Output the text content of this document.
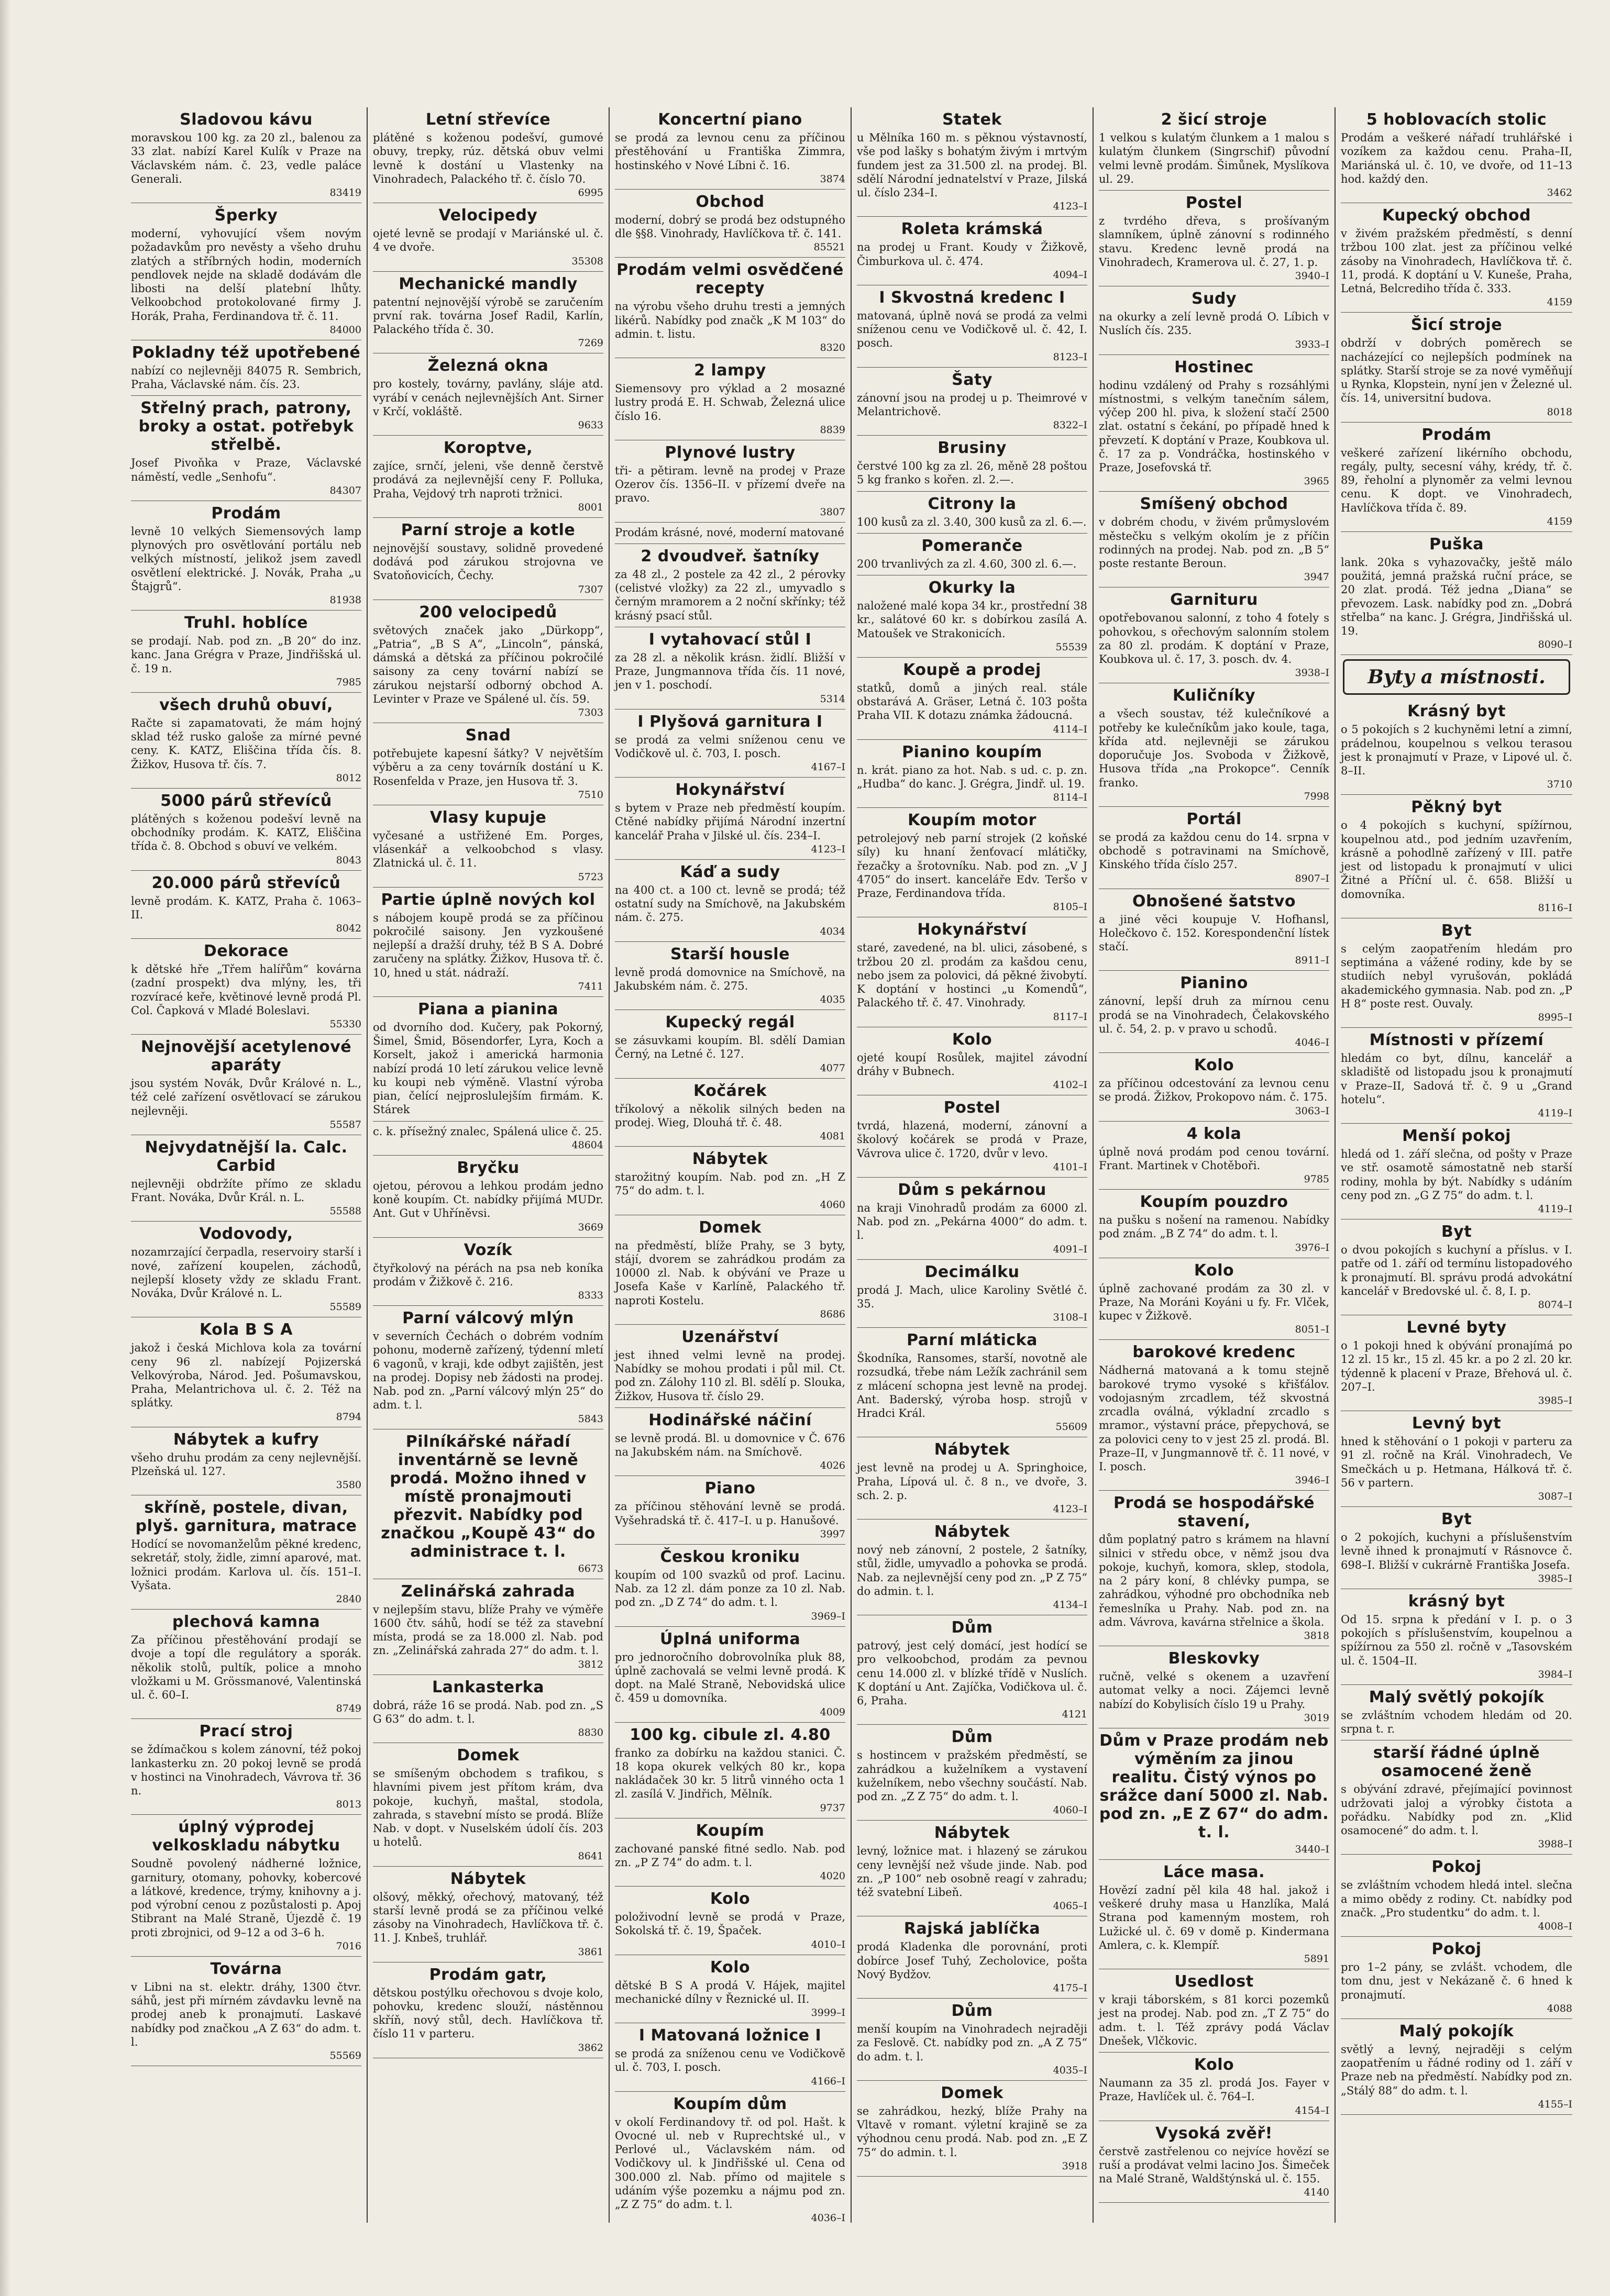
Sladovou kávu

moravskou 100 kg. za 20 zl., balenou za 33 zlat. nabízí Karel Kulík v Praze na Václavském nám. č. 23, vedle paláce Generali.

83419
Šperky

moderní, vyhovující všem novým požadavkům pro nevěsty a všeho druhu zlatých a stříbrných hodin, moderních pendlovek nejde na skladě dodávám dle libosti na delší platební lhůty. Velkoobchod protokolované firmy J. Horák, Praha, Ferdinandova tř. č. 11.

84000
Pokladny též upotřebené

nabízí co nejlevněji 84075 R. Sembrich, Praha, Václavské nám. čís. 23.

Střelný prach, patrony, broky a ostat. potřebyk střelbě.

Josef Pivoňka v Praze, Václavské náměstí, vedle „Senhofu“.

84307
Prodám

levně 10 velkých Siemensových lamp plynových pro osvětlování portálu neb velkých místností, jelikož jsem zavedl osvětlení elektrické. J. Novák, Praha „u Štajgrů“.

81938
Truhl. hoblíce

se prodají. Nab. pod zn. „B 20“ do inz. kanc. Jana Grégra v Praze, Jindřišská ul. č. 19 n.

7985
všech druhů obuví,

Račte si zapamatovati, že mám hojný sklad též rusko galoše za mírné pevné ceny. K. KATZ, Eliščina třída čís. 8. Žižkov, Husova tř. čís. 7.

8012
5000 párů střevíců

plátěných s koženou podešví levně na obchodníky prodám. K. KATZ, Eliščina třída č. 8. Obchod s obuví ve velkém.

8043
20.000 párů střevíců

levně prodám. K. KATZ, Praha č. 1063–II.

8042
Dekorace

k dětské hře „Třem halířům“ kovárna (zadní prospekt) dva mlýny, les, tři rozvíracé keře, květinové levně prodá Pl. Col. Čapková v Mladé Boleslavi.

55330
Nejnovější acetylenové aparáty

jsou systém Novák, Dvůr Králové n. L., též celé zařízení osvětlovací se zárukou nejlevněji.

55587
Nejvydatnější la. Calc. Carbid

nejlevněji obdržíte přímo ze skladu Frant. Nováka, Dvůr Král. n. L.

55588
Vodovody,

nozamrzající čerpadla, reservoiry starší i nové, zařízení koupelen, záchodů, nejlepší klosety vždy ze skladu Frant. Nováka, Dvůr Králové n. L.

55589
Kola B S A

jakož i česká Michlova kola za tovární ceny 96 zl. nabízejí Pojizerská Velkovýroba, Národ. Jed. Pošumavskou, Praha, Melantrichova ul. č. 2. Též na splátky.

8794
Nábytek a kufry

všeho druhu prodám za ceny nejlevnější. Plzeňská ul. 127.

3580
skříně, postele, divan, plyš. garnitura, matrace

Hodící se novomanželům pěkné kredenc, sekretář, stoly, židle, zimní aparové, mat. ložnici prodám. Karlova ul. čís. 151–I. Vyšata.

2840
plechová kamna

Za příčinou přestěhování prodají se dvoje a topí dle regulátory a sporák. několik stolů, pultík, police a mnoho vložkami u M. Grössmanové, Valentinská ul. č. 60–I.

8749
Prací stroj

se ždímačkou s kolem zánovní, též pokoj lankasterku zn. 20 pokoj levně se prodá v hostinci na Vinohradech, Vávrova tř. 36 n.

8013
úplný výprodej velkoskladu nábytku

Soudně povolený nádherné ložnice, garnitury, otomany, pohovky, kobercové a látkové, kredence, trýmy, knihovny a j. pod výrobní cenou z pozůstalosti p. Apoj Stibrant na Malé Straně, Újezdě č. 19 proti zbrojnici, od 9–12 a od 3–6 h.

7016
Továrna

v Libni na st. elektr. dráhy, 1300 čtvr. sáhů, jest při mírném závdavku levně na prodej aneb k pronajmutí. Laskavé nabídky pod značkou „A Z 63“ do adm. t. l.

55569
Letní střevíce

plátěné s koženou podešví, gumové obuvy, trepky, rúz. dětská obuv velmi levně k dostání u Vlastenky na Vinohradech, Palackého tř. č. číslo 70.

6995
Velocipedy

ojeté levně se prodají v Mariánské ul. č. 4 ve dvoře.

35308
Mechanické mandly

patentní nejnovější výrobě se zaručením první rak. továrna Josef Radil, Karlín, Palackého třída č. 30.

7269
Železná okna

pro kostely, továrny, pavlány, sláje atd. vyrábí v cenách nejlevnějších Ant. Sirner v Krčí, vokláště.

9633
Koroptve,

zajíce, srnčí, jeleni, vše denně čerstvě prodává za nejlevnější ceny F. Polluka, Praha, Vejdový trh naproti tržnici.

8001
Parní stroje a kotle

nejnovější soustavy, solidně provedené dodává pod zárukou strojovna ve Svatoňovicích, Čechy.

7307
200 velocipedů

světových značek jako „Dürkopp“, „Patria“, „B S A“, „Lincoln“, pánská, dámská a dětská za příčinou pokročilé saisony za ceny tovární nabízí se zárukou nejstarší odborný obchod A. Levinter v Praze ve Spálené ul. čís. 59.

7303
Snad

potřebujete kapesní šátky? V největším výběru a za ceny továrník dostání u K. Rosenfelda v Praze, jen Husova tř. 3.

7510
Vlasy kupuje

vyčesané a ustřižené Em. Porges, vlásenkář a velkoobchod s vlasy. Zlatnická ul. č. 11.

5723
Partie úplně nových kol

s nábojem koupě prodá se za příčinou pokročilé saisony. Jen vyzkoušené nejlepší a dražší druhy, též B S A. Dobré zaručeny na splátky. Žižkov, Husova tř. č. 10, hned u stát. nádraží.

7411
Piana a pianina

od dvorního dod. Kučery, pak Pokorný, Šimel, Šmid, Bösendorfer, Lyra, Koch a Korselt, jakož i americká harmonia nabízí prodá 10 letí zárukou velice levně ku koupi neb výměně. Vlastní výroba pian, čelící nejproslulejším firmám. K. Stárek

c. k. přísežný znalec, Spálená ulice č. 25.

48604
Bryčku

ojetou, pérovou a lehkou prodám jedno koně koupím. Ct. nabídky přijímá MUDr. Ant. Gut v Uhříněvsi.

3669
Vozík

čtyřkolový na pérách na psa neb koníka prodám v Žižkově č. 216.

8333
Parní válcový mlýn

v severních Čechách o dobrém vodním pohonu, moderně zařízený, týdenní mletí 6 vagonů, v kraji, kde odbyt zajištěn, jest na prodej. Dopisy neb žádosti na prodej. Nab. pod zn. „Parní válcový mlýn 25“ do adm. t. l.

5843
Pilníkářské nářadí inventárně se levně prodá. Možno ihned v místě pronajmouti přezvit. Nabídky pod značkou „Koupě 43“ do administrace t. l.
6673
Zelinářská zahrada

v nejlepším stavu, blíže Prahy ve výměře 1600 čtv. sáhů, hodí se též za stavební místa, prodá se za 18.000 zl. Nab. pod zn. „Zelinářská zahrada 27“ do adm. t. l.

3812
Lankasterka

dobrá, ráže 16 se prodá. Nab. pod zn. „S G 63“ do adm. t. l.

8830
Domek

se smíšeným obchodem s trafikou, s hlavními pivem jest přítom krám, dva pokoje, kuchyň, maštal, stodola, zahrada, s stavební místo se prodá. Blíže Nab. v dopt. v Nuselském údolí čís. 203 u hotelů.

8641
Nábytek

olšový, měkký, ořechový, matovaný, též starší levně prodá se za příčinou velké zásoby na Vinohradech, Havlíčkova tř. č. 11. J. Knbeš, truhlář.

3861
Prodám gatr,

dětskou postýlku ořechovou s dvoje kolo, pohovku, kredenc slouží, nástěnnou skříň, nový stůl, dech. Havlíčkova tř. číslo 11 v parteru.

3862
Koncertní piano

se prodá za levnou cenu za příčinou přestěhování u Františka Zimmra, hostinského v Nové Líbni č. 16.

3874
Obchod

moderní, dobrý se prodá bez odstupného dle §§8. Vinohrady, Havlíčkova tř. č. 141.

85521
Prodám velmi osvědčené recepty

na výrobu všeho druhu tresti a jemných likérů. Nabídky pod značk „K M 103“ do admin. t. listu.

8320
2 lampy

Siemensovy pro výklad a 2 mosazné lustry prodá E. H. Schwab, Železná ulice číslo 16.

8839
Plynové lustry

tři- a pětiram. levně na prodej v Praze Ozerov čís. 1356–II. v přízemí dveře na pravo.

3807

Prodám krásné, nové, moderní matované

2 dvoudveř. šatníky

za 48 zl., 2 postele za 42 zl., 2 pérovky (celistvé vložky) za 22 zl., umyvadlo s černým mramorem a 2 noční skřínky; též krásný psací stůl.

I vytahovací stůl I

za 28 zl. a několik krásn. židlí. Bližší v Praze, Jungmannova třída čís. 11 nové, jen v 1. poschodí.

5314
I Plyšová garnitura I

se prodá za velmi sníženou cenu ve Vodičkově ul. č. 703, I. posch.

4167–I
Hokynářství

s bytem v Praze neb předměstí koupím. Ctěné nabídky přijímá Národní inzertní kancelář Praha v Jilské ul. čís. 234–I.

4123–I
Káď a sudy

na 400 ct. a 100 ct. levně se prodá; též ostatní sudy na Smíchově, na Jakubském nám. č. 275.

4034
Starší housle

levně prodá domovnice na Smíchově, na Jakubském nám. č. 275.

4035
Kupecký regál

se zásuvkami koupím. Bl. sdělí Damian Černý, na Letné č. 127.

4077
Kočárek

tříkolový a několik silných beden na prodej. Wieg, Dlouhá tř. č. 48.

4081
Nábytek

starožitný koupím. Nab. pod zn. „H Z 75“ do adm. t. l.

4060
Domek

na předměstí, blíže Prahy, se 3 byty, stájí, dvorem se zahrádkou prodám za 10000 zl. Nab. k obývání ve Praze u Josefa Kaše v Karlíně, Palackého tř. naproti Kostelu.

8686
Uzenářství

jest ihned velmi levně na prodej. Nabídky se mohou prodati i půl mil. Ct. pod zn. Zálohy 110 zl. Bl. sdělí p. Slouka, Žižkov, Husova tř. číslo 29.

Hodinářské náčiní

se levně prodá. Bl. u domovnice v Č. 676 na Jakubském nám. na Smíchově.

4026
Piano

za příčinou stěhování levně se prodá. Vyšehradská tř. č. 417–I. u p. Hanušové.

3997
Českou kroniku

koupím od 100 svazků od prof. Lacinu. Nab. za 12 zl. dám ponze za 10 zl. Nab. pod zn. „D Z 74“ do adm. t. l.

3969–I
Úplná uniforma

pro jednoročního dobrovolníka pluk 88, úplně zachovalá se velmi levně prodá. K dopt. na Malé Straně, Nebovidská ulice č. 459 u domovníka.

4009
100 kg. cibule zl. 4.80

franko za dobírku na každou stanici. Č. 18 kopa okurek velkých 80 kr., kopa nakládaček 30 kr. 5 litrů vinného octa 1 zl. zasílá V. Jindřich, Mělník.

9737
Koupím

zachované panské fitné sedlo. Nab. pod zn. „P Z 74“ do adm. t. l.

4020
Kolo

položivodní levně se prodá v Praze, Sokolská tř. č. 19, Špaček.

4010–I
Kolo

dětské B S A prodá V. Hájek, majitel mechanické dílny v Řeznické ul. II.

3999–I
I Matovaná ložnice I

se prodá za sníženou cenu ve Vodičkově ul. č. 703, I. posch.

4166–I
Koupím dům

v okolí Ferdinandovy tř. od pol. Hašt. k Ovocné ul. neb v Ruprechtské ul., v Perlové ul., Václavském nám. od Vodičkovy ul. k Jindřišské ul. Cena od 300.000 zl. Nab. přímo od majitele s udáním výše pozemku a nájmu pod zn. „Z Z 75“ do adm. t. l.

4036–I
Statek

u Mělníka 160 m. s pěknou výstavností, vše pod lašky s bohatým živým i mrtvým fundem jest za 31.500 zl. na prodej. Bl. sdělí Národní jednatelství v Praze, Jilská ul. číslo 234–I.

4123–I
Roleta krámská

na prodej u Frant. Koudy v Žižkově, Čimburkova ul. č. 474.

4094–I
I Skvostná kredenc I

matovaná, úplně nová se prodá za velmi sníženou cenu ve Vodičkově ul. č. 42, I. posch.

8123–I
Šaty

zánovní jsou na prodej u p. Theimrové v Melantrichově.

8322–I
Brusiny

čerstvé 100 kg za zl. 26, měně 28 poštou 5 kg franko s kořen. zl. 2.—.

Citrony la

100 kusů za zl. 3.40, 300 kusů za zl. 6.—.

Pomeranče

200 trvanlivých za zl. 4.60, 300 zl. 6.—.

Okurky la

naložené malé kopa 34 kr., prostřední 38 kr., salátové 60 kr. s dobírkou zasílá A. Matoušek ve Strakonicích.

55539
Koupě a prodej

statků, domů a jiných real. stále obstarává A. Gräser, Letná č. 103 pošta Praha VII. K dotazu známka žádoucná.

4114–I
Pianino koupím

n. krát. piano za hot. Nab. s ud. c. p. zn. „Hudba“ do kanc. J. Grégra, Jindř. ul. 19.

8114–I
Koupím motor

petrolejový neb parní strojek (2 koňské síly) ku hnaní ženťovací mlátičky, řezačky a šrotovníku. Nab. pod zn. „V J 4705“ do insert. kanceláře Edv. Teršo v Praze, Ferdinandova třída.

8105–I
Hokynářství

staré, zavedené, na bl. ulici, zásobené, s tržbou 20 zl. prodám za kašdou cenu, nebo jsem za polovici, dá pěkné živobytí. K doptání v hostinci „u Komendů“, Palackého tř. č. 47. Vinohrady.

8117–I
Kolo

ojeté koupí Rosůlek, majitel závodní dráhy v Bubnech.

4102–I
Postel

tvrdá, hlazená, moderní, zánovní a školový kočárek se prodá v Praze, Vávrova ulice č. 1720, dvůr v levo.

4101–I
Dům s pekárnou

na kraji Vinohradů prodám za 6000 zl. Nab. pod zn. „Pekárna 4000“ do adm. t. l.

4091–I
Decimálku

prodá J. Mach, ulice Karoliny Světlé č. 35.

3108–I
Parní mláticka

Škodníka, Ransomes, starší, novotně ale rozsudká, třebe nám Ležík zachránil sem z mlácení schopna jest levně na prodej. Ant. Baderský, výroba hosp. strojů v Hradci Král.

55609
Nábytek

jest levně na prodej u A. Springhoice, Praha, Lípová ul. č. 8 n., ve dvoře, 3. sch. 2. p.

4123–I
Nábytek

nový neb zánovní, 2 postele, 2 šatníky, stůl, židle, umyvadlo a pohovka se prodá. Nab. za nejlevnější ceny pod zn. „P Z 75“ do admin. t. l.

4134–I
Dům

patrový, jest celý domácí, jest hodící se pro velkoobchod, prodám za pevnou cenu 14.000 zl. v blízké třídě v Nuslích. K doptání u Ant. Zajíčka, Vodičkova ul. č. 6, Praha.

4121
Dům

s hostincem v pražském předměstí, se zahrádkou a kuželníkem a vystavení kuželníkem, nebo všechny součástí. Nab. pod zn. „Z Z 75“ do adm. t. l.

4060–I
Nábytek

levný, ložnice mat. i hlazený se zárukou ceny levnější než všude jinde. Nab. pod zn. „P 100“ neb osobně reagí v zahradu; též svatební Libeň.

4065–I
Rajská jablíčka

prodá Kladenka dle porovnání, proti dobírce Josef Tuhý, Zecholovice, pošta Nový Bydžov.

4175–I
Dům

menší koupím na Vinohradech nejraději za Feslově. Ct. nabídky pod zn. „A Z 75“ do adm. t. l.

4035–I
Domek

se zahrádkou, hezký, blíže Prahy na Vltavě v romant. výletní krajině se za výhodnou cenu prodá. Nab. pod zn. „E Z 75“ do admin. t. l.

3918
2 šicí stroje

1 velkou s kulatým člunkem a 1 malou s kulatým člunkem (Singrschif) původní velmi levně prodám. Šimůnek, Myslíkova ul. 29.

Postel

z tvrdého dřeva, s prošívaným slamníkem, úplně zánovní s rodinného stavu. Kredenc levně prodá na Vinohradech, Kramerova ul. č. 27, 1. p.

3940–I
Sudy

na okurky a zelí levně prodá O. Líbich v Nuslích čís. 235.

3933–I
Hostinec

hodinu vzdálený od Prahy s rozsáhlými místnostmi, s velkým tanečním sálem, výčep 200 hl. piva, k složení stačí 2500 zlat. ostatní s čekání, po případě hned k převzetí. K doptání v Praze, Koubkova ul. č. 17 za p. Vondráčka, hostinského v Praze, Josefovská tř.

3965
Smíšený obchod

v dobrém chodu, v živém průmyslovém městečku s velkým okolím je z příčin rodinných na prodej. Nab. pod zn. „B 5“ poste restante Beroun.

3947
Garnituru

opotřebovanou salonní, z toho 4 fotely s pohovkou, s ořechovým salonním stolem za 80 zl. prodám. K doptání v Praze, Koubkova ul. č. 17, 3. posch. dv. 4.

3938–I
Kuličníky

a všech soustav, též kulečníkové a potřeby ke kulečníkům jako koule, taga, křída atd. nejlevněji se zárukou doporučuje Jos. Svoboda v Žižkově, Husova třída „na Prokopce“. Cenník franko.

7998
Portál

se prodá za každou cenu do 14. srpna v obchodě s potravinami na Smíchově, Kinského třída číslo 257.

8907–I
Obnošené šatstvo

a jiné věci koupuje V. Hofhansl, Holečkovo č. 152. Korespondenční lístek stačí.

8911–I
Pianino

zánovní, lepší druh za mírnou cenu prodá se na Vinohradech, Čelakovského ul. č. 54, 2. p. v pravo u schodů.

4046–I
Kolo

za příčinou odcestování za levnou cenu se prodá. Žižkov, Prokopovo nám. č. 175.

3063–I
4 kola

úplně nová prodám pod cenou tovární. Frant. Martinek v Chotěboři.

9785
Koupím pouzdro

na pušku s nošení na ramenou. Nabídky pod znám. „B Z 74“ do adm. t. l.

3976–I
Kolo

úplně zachované prodám za 30 zl. v Praze, Na Moráni Koyáni u fy. Fr. Vlček, kupec v Žižkově.

8051–I
barokové kredenc

Nádherná matovaná a k tomu stejně barokové trymo vysoké s křišťálov. vodojasným zrcadlem, též skvostná zrcadla oválná, výkladní zrcadlo s mramor., výstavní práce, přepychová, se za polovici ceny to v jest 25 zl. prodá. Bl. Praze–II, v Jungmannově tř. č. 11 nové, v I. posch.

3946–I
Prodá se hospodářské stavení,

dům poplatný patro s krámem na hlavní silnici v středu obce, v němž jsou dva pokoje, kuchyň, komora, sklep, stodola, na 2 páry koní, 8 chlévky pumpa, se zahrádkou, výhodné pro obchodníka neb řemeslníka u Prahy. Nab. pod zn. na adm. Vávrova, kavárna střelnice a škola.

3818
Bleskovky

ručně, velké s okenem a uzavření automat velky a noci. Zájemci levně nabízí do Kobylisích číslo 19 u Prahy.

3019
Dům v Praze prodám neb výměním za jinou realitu. Čistý výnos po srážce daní 5000 zl. Nab. pod zn. „E Z 67“ do adm. t. l.
3440–I
Láce masa.

Hovězí zadní pěl kila 48 hal. jakož i veškeré druhy masa u Hanzlíka, Malá Strana pod kamenným mostem, roh Lužické ul. č. 69 v domě p. Kindermana Amlera, c. k. Klempíř.

5891
Usedlost

v kraji táborském, s 81 korci pozemků jest na prodej. Nab. pod zn. „T Z 75“ do adm. t. l. Též zprávy podá Václav Dnešek, Vlčkovic.

Kolo

Naumann za 35 zl. prodá Jos. Fayer v Praze, Havlíček ul. č. 764–I.

4154–I
Vysoká zvěř!

čerstvě zastřelenou co nejvíce hovězí se ruší a prodávat velmi lacino Jos. Šimeček na Malé Straně, Waldštýnská ul. č. 155.

4140
5 hoblovacích stolic

Prodám a veškeré nářadí truhlářské i vozíkem za každou cenu. Praha–II, Mariánská ul. č. 10, ve dvoře, od 11–13 hod. každý den.

3462
Kupecký obchod

v živém pražském předměstí, s denní tržbou 100 zlat. jest za příčinou velké zásoby na Vinohradech, Havlíčkova tř. č. 11, prodá. K doptání u V. Kuneše, Praha, Letná, Belcrediho třída č. 333.

4159
Šicí stroje

obdrží v dobrých poměrech se nacházející co nejlepších podmínek na splátky. Starší stroje se za nové vyměňují u Rynka, Klopstein, nyní jen v Železné ul. čís. 14, universitní budova.

8018
Prodám

veškeré zařízení likérního obchodu, regály, pulty, secesní váhy, krédy, tř. č. 89, řeholní a plynoměr za velmi levnou cenu. K dopt. ve Vinohradech, Havlíčkova třída č. 89.

4159
Puška

lank. 20ka s vyhazovačky, ještě málo použitá, jemná pražská ruční práce, se 20 zlat. prodá. Též jedna „Diana“ se převozem. Lask. nabídky pod zn. „Dobrá střelba“ na kanc. J. Grégra, Jindřišská ul. 19.

8090–I
Byty a místnosti.
Krásný byt

o 5 pokojích s 2 kuchyněmi letní a zimní, prádelnou, koupelnou s velkou terasou jest k pronajmutí v Praze, v Lipové ul. č. 8–II.

3710
Pěkný byt

o 4 pokojích s kuchyní, spížírnou, koupelnou atd., pod jedním uzavřením, krásně a pohodlně zařízený v III. patře jest od listopadu k pronajmutí v ulici Žitné a Příční ul. č. 658. Bližší u domovníka.

8116–I
Byt

s celým zaopatřením hledám pro septimána a vážené rodiny, kde by se studiích nebyl vyrušován, pokládá akademického gymnasia. Nab. pod zn. „P H 8“ poste rest. Ouvaly.

8995–I
Místnosti v přízemí

hledám co byt, dílnu, kancelář a skladiště od listopadu jsou k pronajmutí v Praze–II, Sadová tř. č. 9 u „Grand hotelu“.

4119–I
Menší pokoj

hledá od 1. září slečna, od pošty v Praze ve stř. osamotě sámostatně neb starší rodiny, mohla by být. Nabídky s udáním ceny pod zn. „G Z 75“ do adm. t. l.

4119–I
Byt

o dvou pokojích s kuchyní a příslus. v I. patře od 1. září od termínu listopadového k pronajmutí. Bl. správu prodá advokátní kancelář v Bredovské ul. č. 8, I. p.

8074–I
Levné byty

o 1 pokoji hned k obývání pronajímá po 12 zl. 15 kr., 15 zl. 45 kr. a po 2 zl. 20 kr. týdenně k placení v Praze, Břehová ul. č. 207–I.

3985–I
Levný byt

hned k stěhování o 1 pokoji v parteru za 91 zl. ročně na Král. Vinohradech, Ve Smečkách u p. Hetmana, Hálková tř. č. 56 v partern.

3087–I
Byt

o 2 pokojích, kuchyni a příslušenstvím levně ihned k pronajmutí v Rásnovce č. 698–I. Bližší v cukrárně Františka Josefa.

3985–I
krásný byt

Od 15. srpna k předání v I. p. o 3 pokojích s příslušenstvím, koupelnou a spížírnou za 550 zl. ročně v „Tasovském ul. č. 1504–II.

3984–I
Malý světlý pokojík

se zvláštním vchodem hledám od 20. srpna t. r.

starší řádné úplně osamocené ženě

s obývání zdravé, přejímající povinnost udržovati jaloj a výrobky čistota a pořádku. Nabídky pod zn. „Klid osamocené“ do adm. t. l.

3988–I
Pokoj

se zvláštním vchodem hledá intel. slečna a mimo obědy z rodiny. Ct. nabídky pod značk. „Pro studentku“ do adm. t. l.

4008–I
Pokoj

pro 1–2 pány, se zvlášt. vchodem, dle tom dnu, jest v Nekázaně č. 6 hned k pronajmutí.

4088
Malý pokojík

světlý a levný, nejraději s celým zaopatřením u řádné rodiny od 1. září v Praze neb na předměstí. Nabídky pod zn. „Stálý 88“ do adm. t. l.

4155–I
